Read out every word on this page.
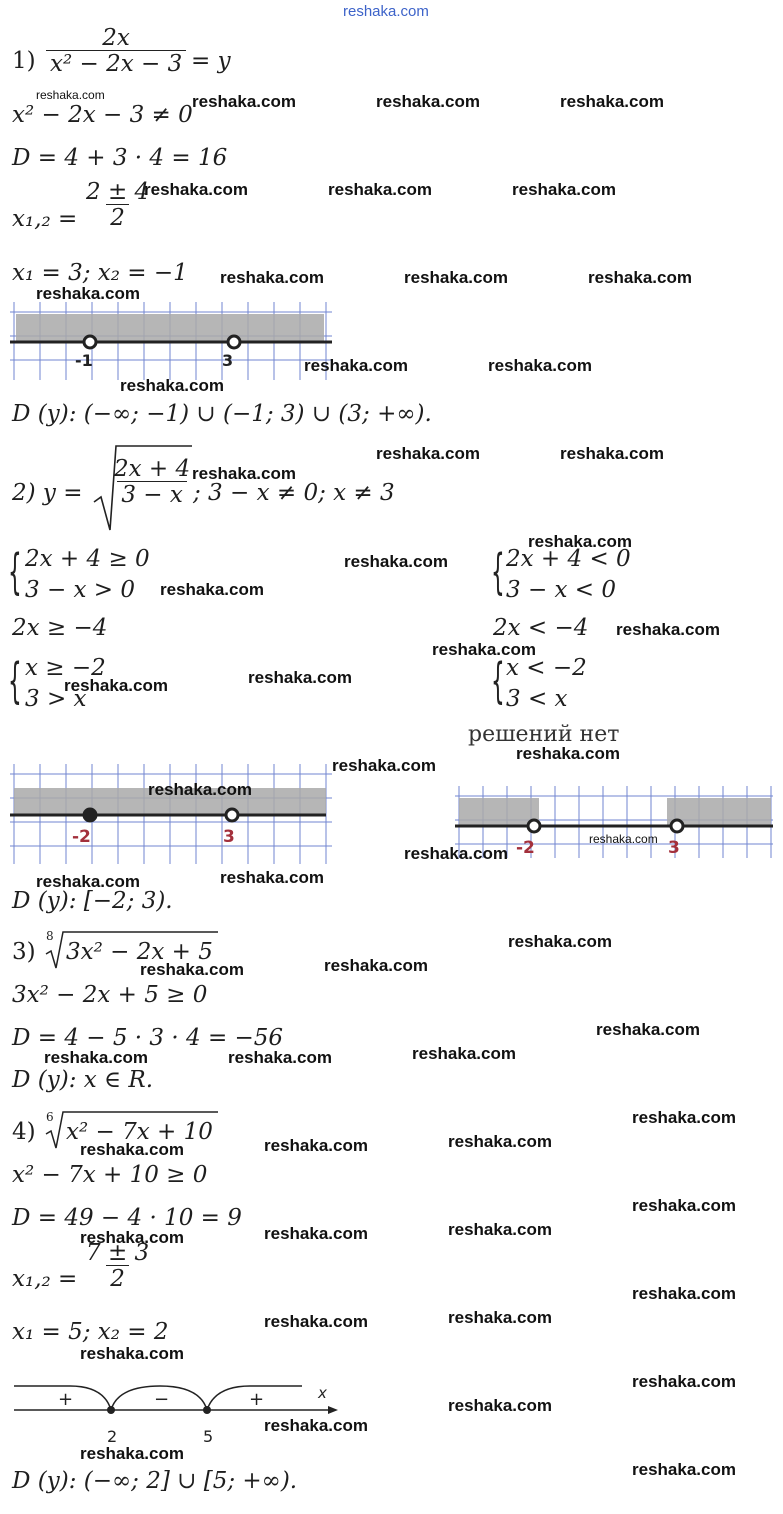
reshaka.com
$1) \frac{2x}{\text{x² − 2x − 3}} = y$
x² − 2x − 3 ≠ 0
D = 4 + 3 · 4 = 16
$x_1,_2 = \frac{2 \pm 4}{2}$
x₁ = 3; x₂ = −1
-1	3
D (y): (−∞; −1) ∪ (−1; 3) ∪ (3; +∞).
2) $y = \frac{2x + 4}{3 - x}$
; 3 − x ≠ 0; x ≠ 3
{ 2x + 4 ≥ 0
3 − x > 0	{ 2x + 4 < 0
3 − x < 0
2x ≥ −4	2x < −4
{ x ≥ −2
3 > x	{ x < −2
3 < x
решений нет
-2	3
-2	3
D (y): [−2; 3).
3)
8
3x² − 2x + 5
3x² − 2x + 5 ≥ 0
D = 4 − 5 · 3 · 4 = −56
D (y): x ∈ R.
4)
6
x² − 7x + 10
x² − 7x + 10 ≥ 0
D = 49 − 4 · 10 = 9
$x_1,_2 = \frac{7 \pm 3}{2}$
x₁ = 5; x₂ = 2
+	−	+	x
2	5
D (y): (−∞; 2] ∪ [5; +∞).
reshaka.com	reshaka.com	reshaka.com	reshaka.com
reshaka.com	reshaka.com	reshaka.com
reshaka.com	reshaka.com	reshaka.com
reshaka.com
reshaka.com	reshaka.com
reshaka.com
reshaka.com	reshaka.com
reshaka.com
reshaka.com
reshaka.com
reshaka.com
reshaka.com
reshaka.com
reshaka.com
reshaka.com
reshaka.com
reshaka.com
reshaka.com
reshaka.com
reshaka.com
reshaka.com
reshaka.com
reshaka.com
reshaka.com
reshaka.com
reshaka.com
reshaka.com
reshaka.com
reshaka.com
reshaka.com
reshaka.com
reshaka.com
reshaka.com
reshaka.com
reshaka.com
reshaka.com
reshaka.com
reshaka.com
reshaka.com
reshaka.com
reshaka.com
reshaka.com
reshaka.com
reshaka.com
reshaka.com
reshaka.com
